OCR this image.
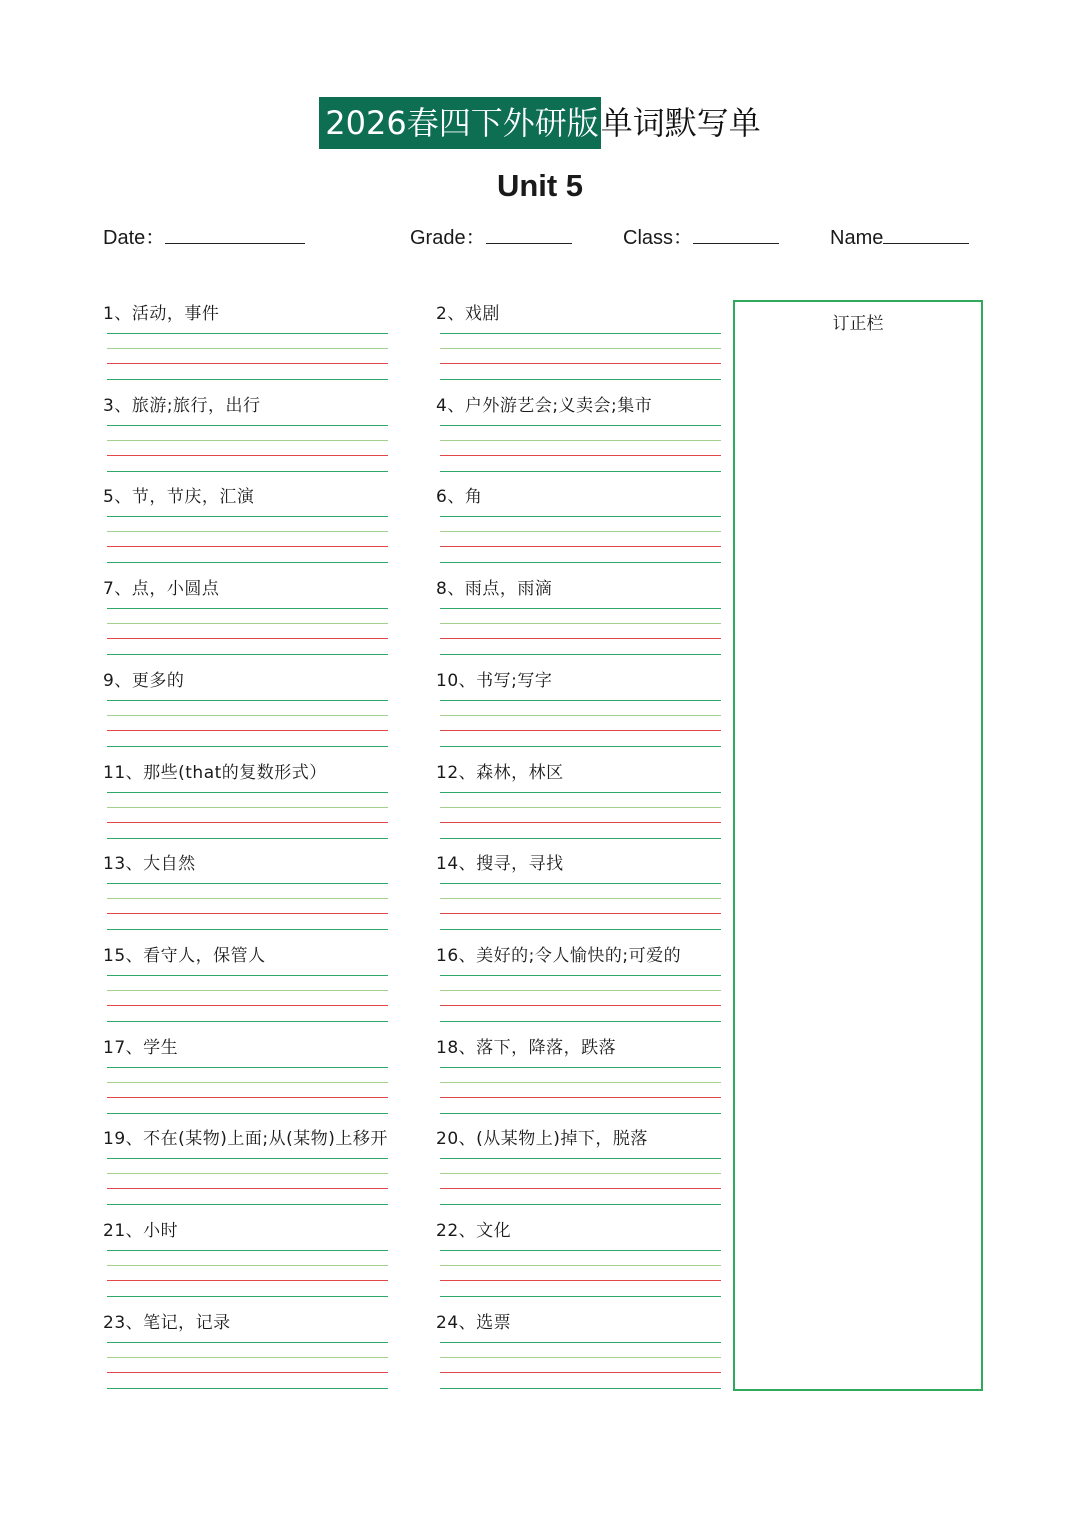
2026春四下外研版单词默写单
Unit 5
Date：	Grade：	Class：	Name
1、活动，事件	2、戏剧
3、旅游;旅行，出行	4、户外游艺会;义卖会;集市
5、节，节庆，汇演	6、角
7、点，小圆点	8、雨点，雨滴
9、更多的	10、书写;写字
11、那些(that的复数形式）	12、森林，林区
13、大自然	14、搜寻，寻找
15、看守人，保管人	16、美好的;令人愉快的;可爱的
17、学生	18、落下，降落，跌落
19、不在(某物)上面;从(某物)上移开	20、(从某物上)掉下，脱落
21、小时	22、文化
23、笔记，记录	24、选票
订正栏
